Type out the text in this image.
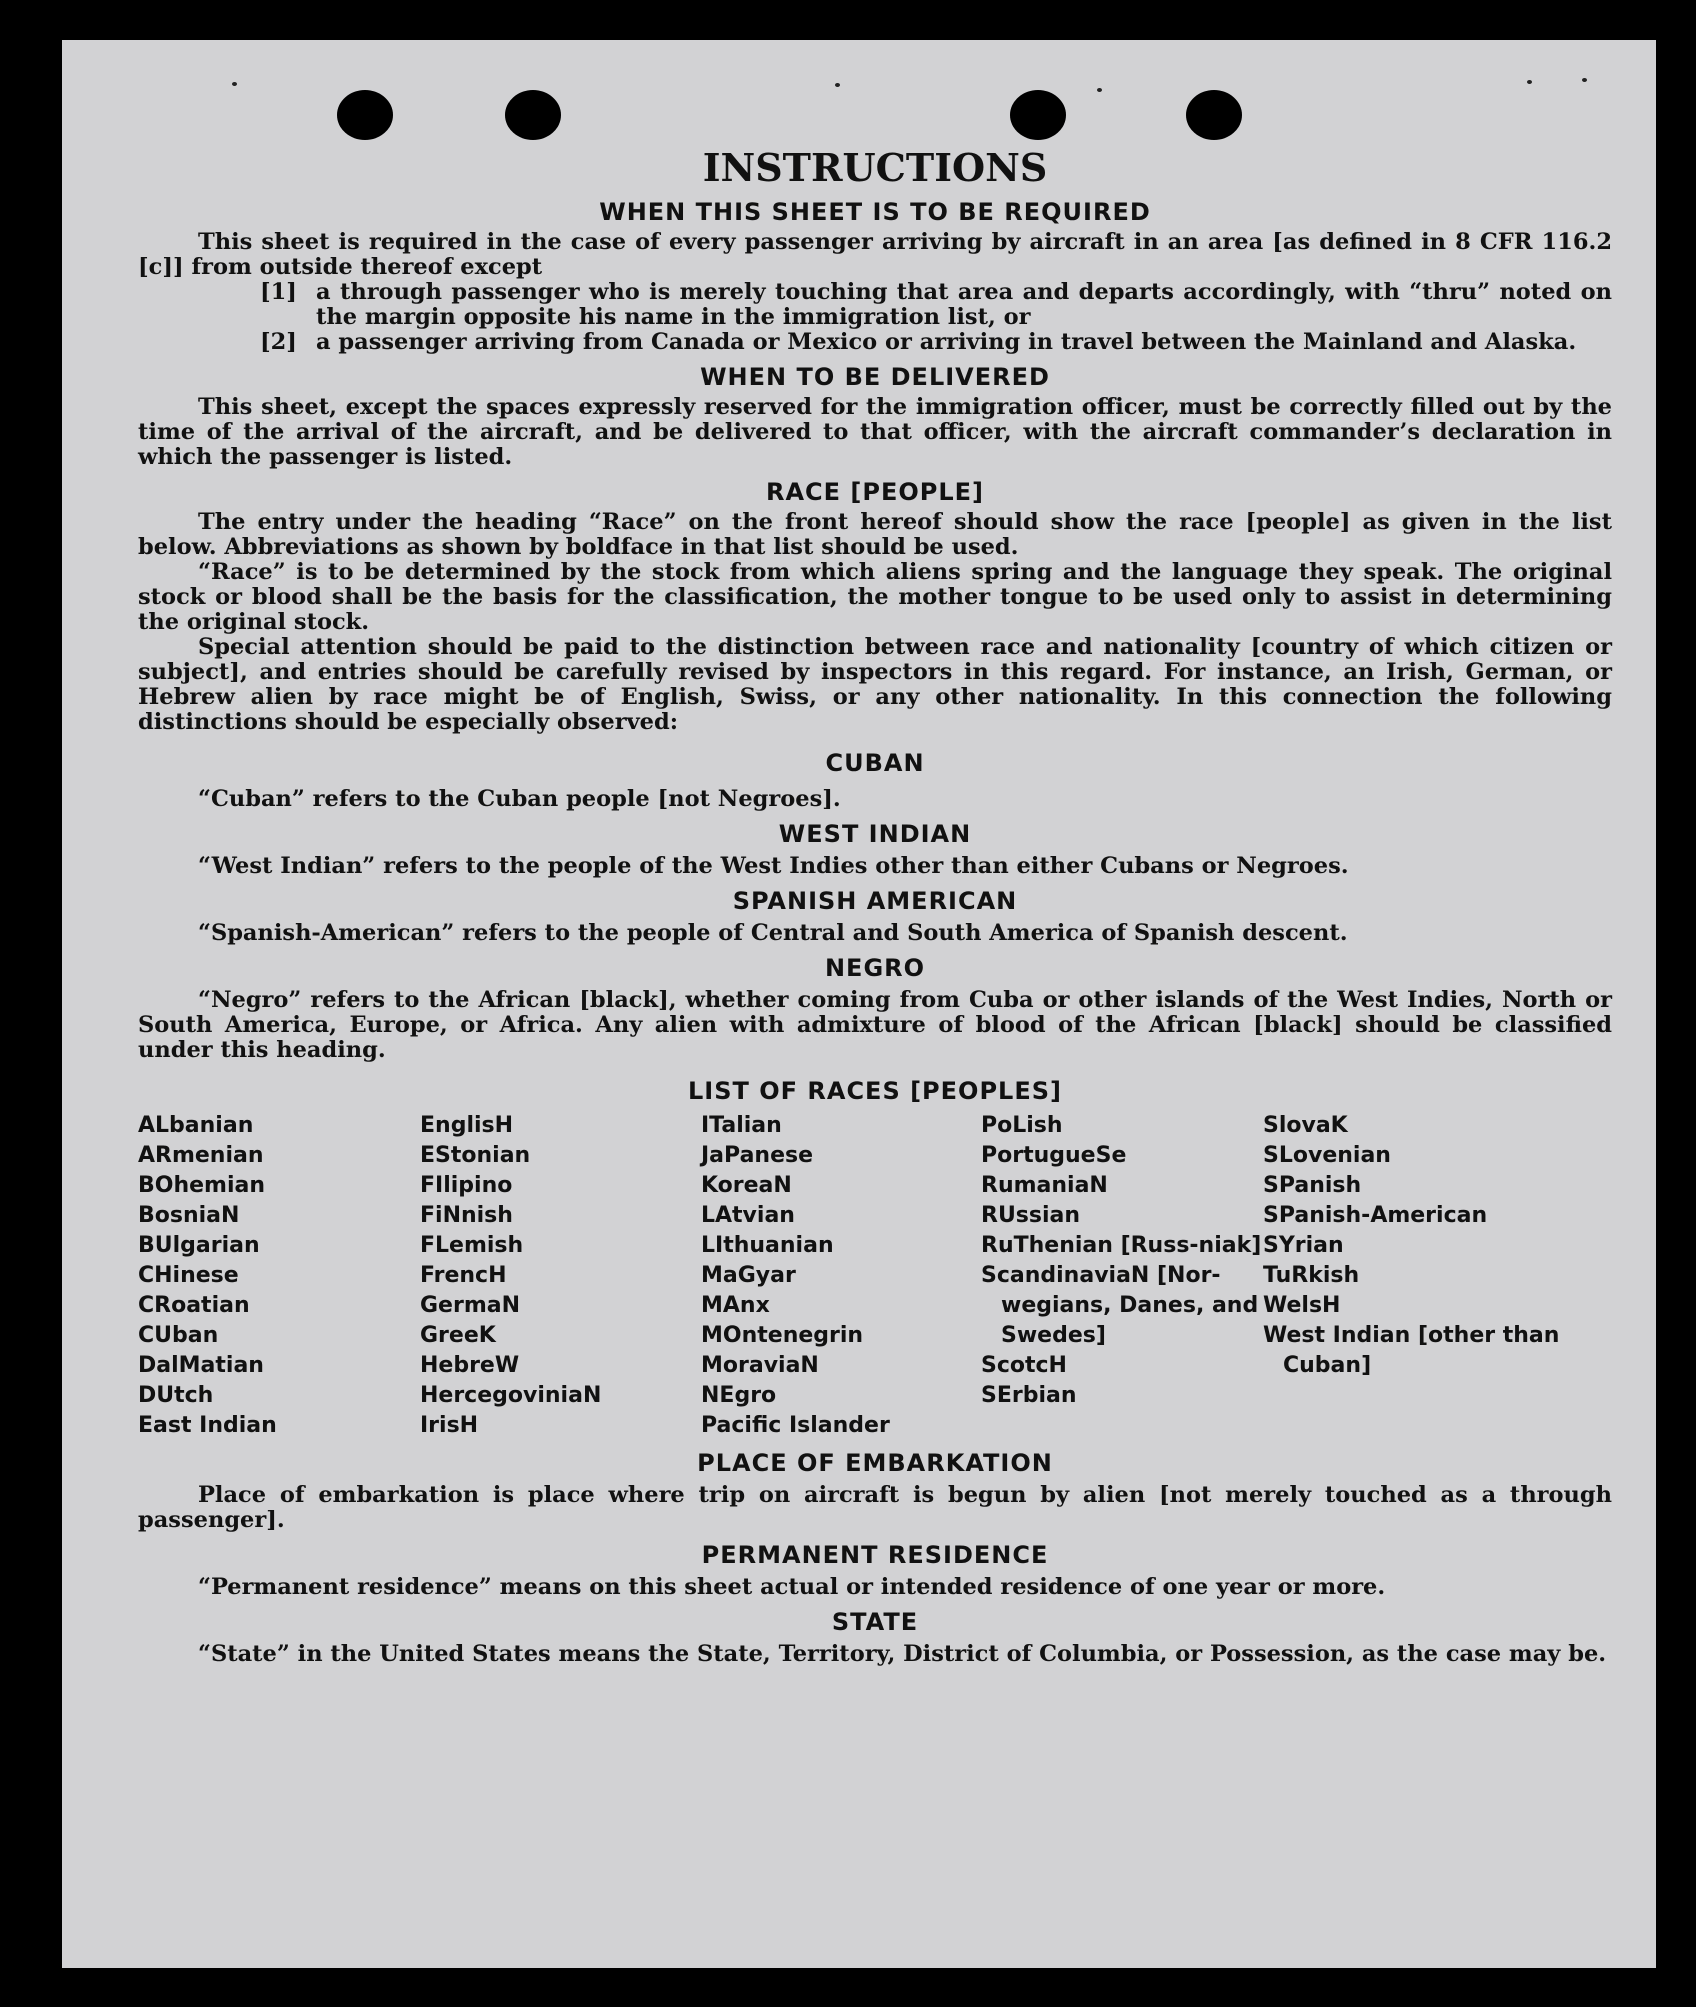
INSTRUCTIONS
WHEN THIS SHEET IS TO BE REQUIRED

This sheet is required in the case of every passenger arriving by aircraft in an area [as defined in 8 CFR 116.2 [c]] from outside thereof except

[1] a through passenger who is merely touching that area and departs accordingly, with “thru” noted on the margin opposite his name in the immigration list, or
[2] a passenger arriving from Canada or Mexico or arriving in travel between the Mainland and Alaska.
WHEN TO BE DELIVERED

This sheet, except the spaces expressly reserved for the immigration officer, must be correctly filled out by the time of the arrival of the aircraft, and be delivered to that officer, with the aircraft commander’s declaration in which the passenger is listed.

RACE [PEOPLE]

The entry under the heading “Race” on the front hereof should show the race [people] as given in the list below. Abbreviations as shown by boldface in that list should be used.

“Race” is to be determined by the stock from which aliens spring and the language they speak. The original stock or blood shall be the basis for the classification, the mother tongue to be used only to assist in determining the original stock.

Special attention should be paid to the distinction between race and nationality [country of which citizen or subject], and entries should be carefully revised by inspectors in this regard. For instance, an Irish, German, or Hebrew alien by race might be of English, Swiss, or any other nationality. In this connection the following distinctions should be especially observed:

CUBAN

“Cuban” refers to the Cuban people [not Negroes].

WEST INDIAN

“West Indian” refers to the people of the West Indies other than either Cubans or Negroes.

SPANISH AMERICAN

“Spanish-American” refers to the people of Central and South America of Spanish descent.

NEGRO

“Negro” refers to the African [black], whether coming from Cuba or other islands of the West Indies, North or South America, Europe, or Africa. Any alien with admixture of blood of the African [black] should be classified under this heading.

LIST OF RACES [PEOPLES]
ALbanian
ARmenian
BOhemian
BosniaN
BUlgarian
CHinese
CRoatian
CUban
DalMatian
DUtch
East Indian
EnglisH
EStonian
FIlipino
FiNnish
FLemish
FrencH
GermaN
GreeK
HebreW
HercegoviniaN
IrisH
ITalian
JaPanese
KoreaN
LAtvian
LIthuanian
MaGyar
MAnx
MOntenegrin
MoraviaN
NEgro
Pacific Islander
PoLish
PortugueSe
RumaniaN
RUssian
RuThenian [Russ-niak]
ScandinaviaN [Nor-wegians, Danes, and Swedes]
ScotcH
SErbian
SlovaK
SLovenian
SPanish
SPanish-American
SYrian
TuRkish
WelsH
West Indian [other than Cuban]
PLACE OF EMBARKATION

Place of embarkation is place where trip on aircraft is begun by alien [not merely touched as a through passenger].

PERMANENT RESIDENCE

“Permanent residence” means on this sheet actual or intended residence of one year or more.

STATE

“State” in the United States means the State, Territory, District of Columbia, or Possession, as the case may be.
